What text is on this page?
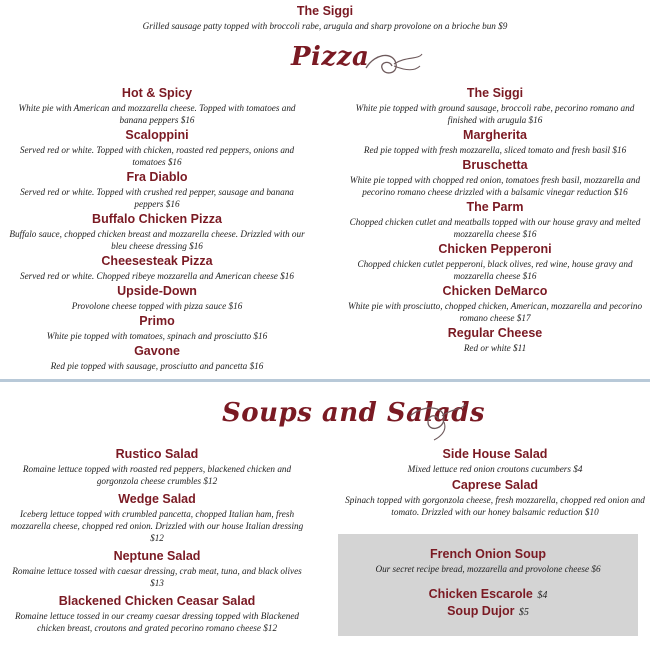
The Siggi
Grilled sausage patty topped with broccoli rabe, arugula and sharp provolone on a brioche bun $9
Pizza
Hot & Spicy
White pie with American and mozzarella cheese. Topped with tomatoes and banana peppers $16
Scaloppini
Served red or white. Topped with chicken, roasted red peppers, onions and tomatoes $16
Fra Diablo
Served red or white. Topped with crushed red pepper, sausage and banana peppers $16
Buffalo Chicken Pizza
Buffalo sauce, chopped chicken breast and mozzarella cheese. Drizzled with our bleu cheese dressing $16
Cheesesteak Pizza
Served red or white. Chopped ribeye mozzarella and American cheese $16
Upside-Down
Provolone cheese topped with pizza sauce $16
Primo
White pie topped with tomatoes, spinach and prosciutto $16
Gavone
Red pie topped with sausage, prosciutto and pancetta $16
The Siggi
White pie topped with ground sausage, broccoli rabe, pecorino romano and finished with arugula $16
Margherita
Red pie topped with fresh mozzarella, sliced tomato and fresh basil $16
Bruschetta
White pie topped with chopped red onion, tomatoes fresh basil, mozzarella and pecorino romano cheese drizzled with a balsamic vinegar reduction $16
The Parm
Chopped chicken cutlet and meatballs topped with our house gravy and melted mozzarella cheese $16
Chicken Pepperoni
Chopped chicken cutlet pepperoni, black olives, red wine, house gravy and mozzarella cheese $16
Chicken DeMarco
White pie with prosciutto, chopped chicken, American, mozzarella and pecorino romano cheese $17
Regular Cheese
Red or white $11
Soups and Salads
Rustico Salad
Romaine lettuce topped with roasted red peppers, blackened chicken and gorgonzola cheese crumbles $12
Wedge Salad
Iceberg lettuce topped with crumbled pancetta, chopped Italian ham, fresh mozzarella cheese, chopped red onion. Drizzled with our house Italian dressing $12
Neptune Salad
Romaine lettuce tossed with caesar dressing, crab meat, tuna, and black olives $13
Blackened Chicken Ceasar Salad
Romaine lettuce tossed in our creamy caesar dressing topped with Blackened chicken breast, croutons and grated pecorino romano cheese $12
Side House Salad
Mixed lettuce red onion croutons cucumbers $4
Caprese Salad
Spinach topped with gorgonzola cheese, fresh mozzarella, chopped red onion and tomato. Drizzled with our honey balsamic reduction $10
French Onion Soup
Our secret recipe bread, mozzarella and provolone cheese $6
Chicken Escarole $4
Soup Dujor $5
